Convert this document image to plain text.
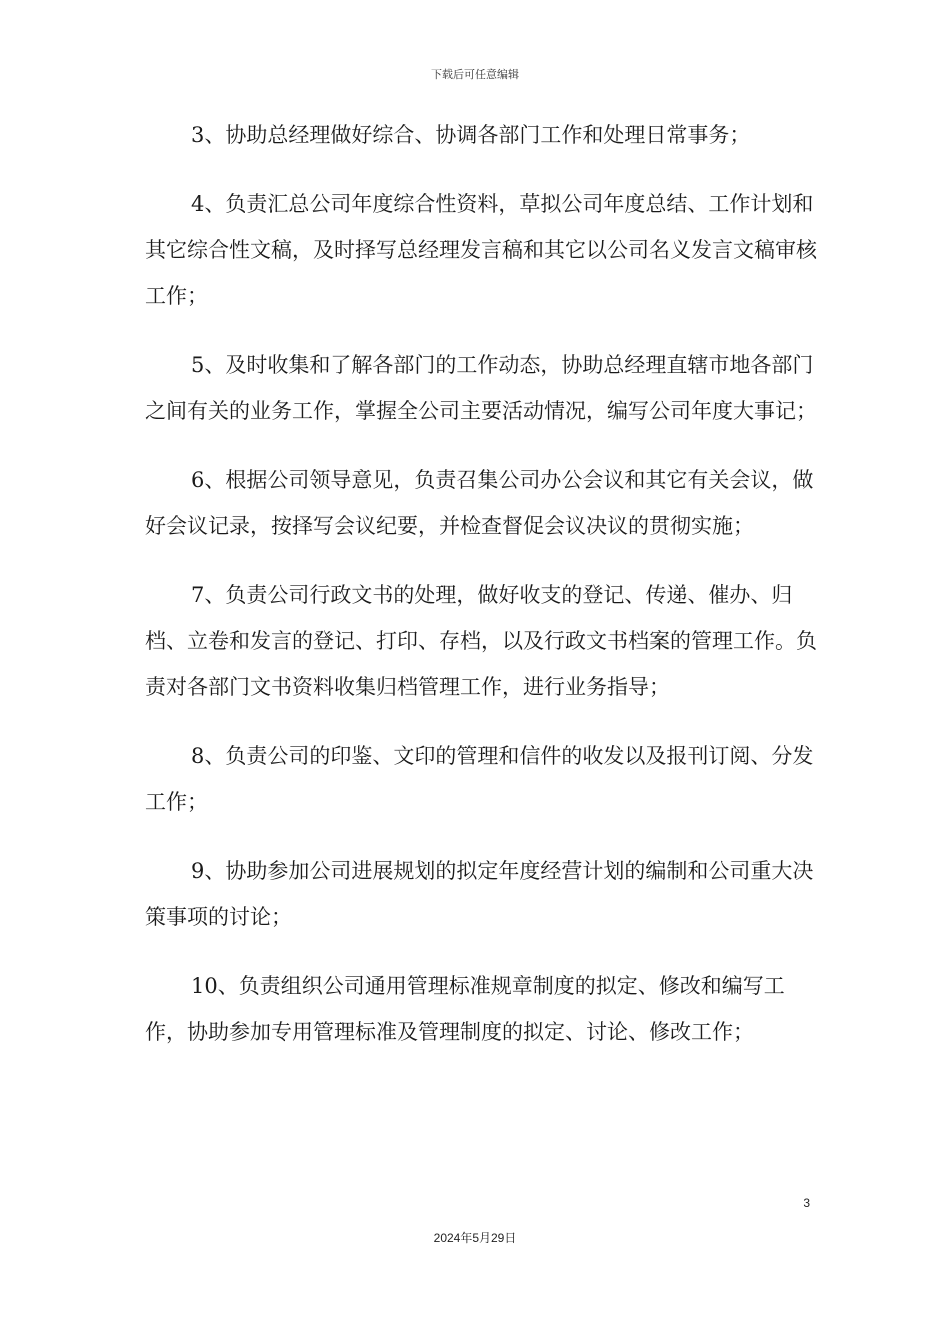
下载后可任意编辑

3、协助总经理做好综合、协调各部门工作和处理日常事务；

4、负责汇总公司年度综合性资料，草拟公司年度总结、工作计划和其它综合性文稿，及时择写总经理发言稿和其它以公司名义发言文稿审核工作；

5、及时收集和了解各部门的工作动态，协助总经理直辖市地各部门之间有关的业务工作，掌握全公司主要活动情况，编写公司年度大事记；

6、根据公司领导意见，负责召集公司办公会议和其它有关会议，做好会议记录，按择写会议纪要，并检查督促会议决议的贯彻实施；

7、负责公司行政文书的处理，做好收支的登记、传递、催办、归档、立卷和发言的登记、打印、存档，以及行政文书档案的管理工作。负责对各部门文书资料收集归档管理工作，进行业务指导；

8、负责公司的印鉴、文印的管理和信件的收发以及报刊订阅、分发工作；

9、协助参加公司进展规划的拟定年度经营计划的编制和公司重大决策事项的讨论；

10、负责组织公司通用管理标准规章制度的拟定、修改和编写工作，协助参加专用管理标准及管理制度的拟定、讨论、修改工作；

3
2024年5月29日
